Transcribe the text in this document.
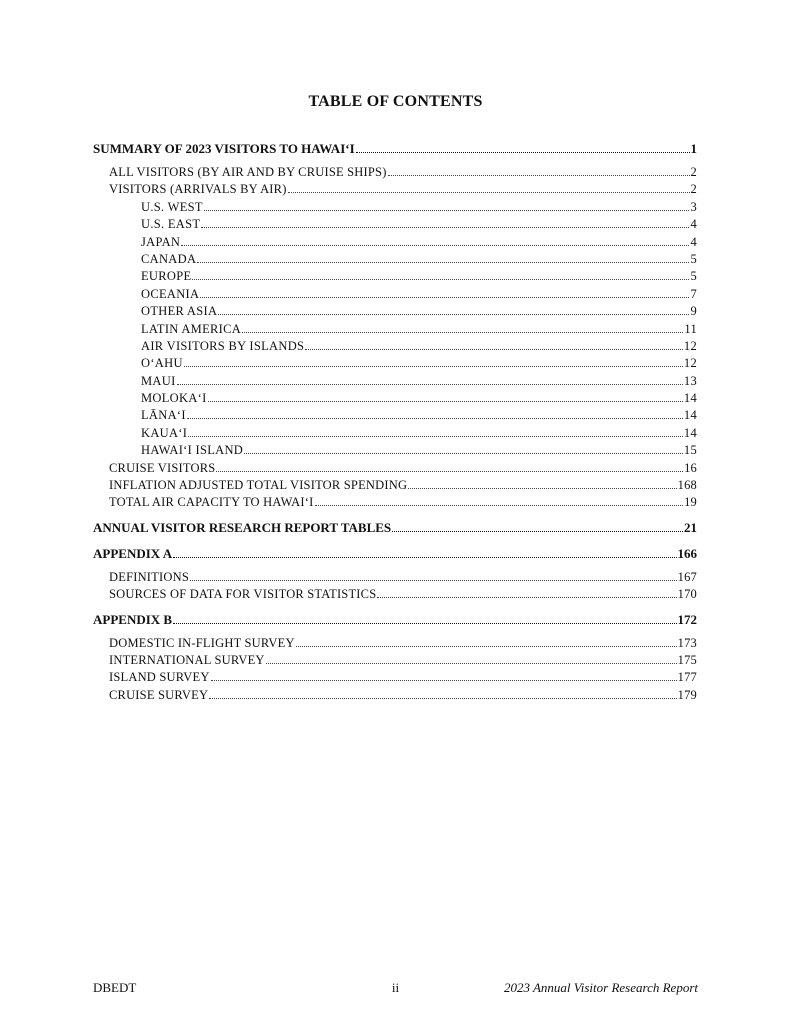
TABLE OF CONTENTS
SUMMARY OF 2023 VISITORS TO HAWAI‘I	1
ALL VISITORS (BY AIR AND BY CRUISE SHIPS)	2
VISITORS (ARRIVALS BY AIR)	2
U.S. WEST	3
U.S. EAST	4
JAPAN	4
CANADA	5
EUROPE	5
OCEANIA	7
OTHER ASIA	9
LATIN AMERICA	11
AIR VISITORS BY ISLANDS	12
O‘AHU	12
MAUI	13
MOLOKA‘I	14
LĀNA‘I	14
KAUA‘I	14
HAWAI‘I ISLAND	15
CRUISE VISITORS	16
INFLATION ADJUSTED TOTAL VISITOR SPENDING	168
TOTAL AIR CAPACITY TO HAWAI‘I	19
ANNUAL VISITOR RESEARCH REPORT TABLES	21
APPENDIX A	166
DEFINITIONS	167
SOURCES OF DATA FOR VISITOR STATISTICS	170
APPENDIX B	172
DOMESTIC IN-FLIGHT SURVEY	173
INTERNATIONAL SURVEY	175
ISLAND SURVEY	177
CRUISE SURVEY	179
DBEDT	ii	2023 Annual Visitor Research Report
